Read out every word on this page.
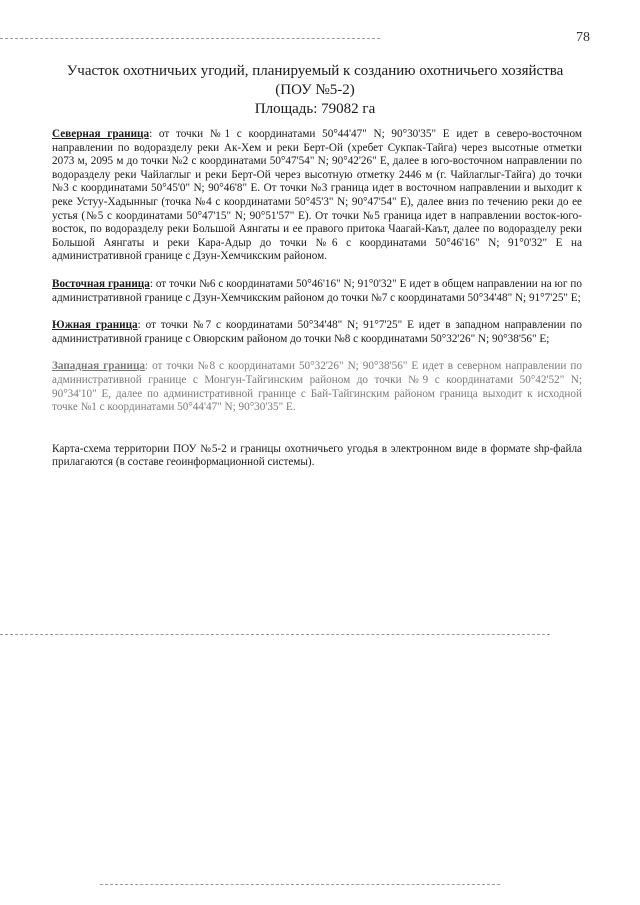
78
Участок охотничьих угодий, планируемый к созданию охотничьего хозяйства
(ПОУ №5-2)
Площадь: 79082 га

Северная граница: от точки №1 с координатами 50°44'47" N; 90°30'35" E идет в северо-восточном направлении по водоразделу реки Ак-Хем и реки Берт-Ой (хребет Сукпак-Тайга) через высотные отметки 2073 м, 2095 м до точки №2 с координатами 50°47'54" N; 90°42'26" E, далее в юго-восточном направлении по водоразделу реки Чайлаглыг и реки Берт-Ой через высотную отметку 2446 м (г. Чайлаглыг-Тайга) до точки №3 с координатами 50°45'0" N; 90°46'8" E. От точки №3 граница идет в восточном направлении и выходит к реке Устуу-Хадынныг (точка №4 с координатами 50°45'3" N; 90°47'54" E), далее вниз по течению реки до ее устья (№5 с координатами 50°47'15" N; 90°51'57" E). От точки №5 граница идет в направлении восток-юго-восток, по водоразделу реки Большой Аянгаты и ее правого притока Чаагай-Каът, далее по водоразделу реки Большой Аянгаты и реки Кара-Адыр до точки №6 с координатами 50°46'16" N; 91°0'32" E на административной границе с Дзун-Хемчикским районом.

Восточная граница: от точки №6 с координатами 50°46'16" N; 91°0'32" E идет в общем направлении на юг по административной границе с Дзун-Хемчикским районом до точки №7 с координатами 50°34'48" N; 91°7'25" E;

Южная граница: от точки №7 с координатами 50°34'48" N; 91°7'25" E идет в западном направлении по административной границе с Овюрским районом до точки №8 с координатами 50°32'26" N; 90°38'56" E;

Западная граница: от точки №8 с координатами 50°32'26" N; 90°38'56" E идет в северном направлении по административной границе с Монгун-Тайгинским районом до точки №9 с координатами 50°42'52" N; 90°34'10" E, далее по административной границе с Бай-Тайгинским районом граница выходит к исходной точке №1 с координатами 50°44'47" N; 90°30'35" E.

Карта-схема территории ПОУ №5-2 и границы охотничьего угодья в электронном виде в формате shp-файла прилагаются (в составе геоинформационной системы).
